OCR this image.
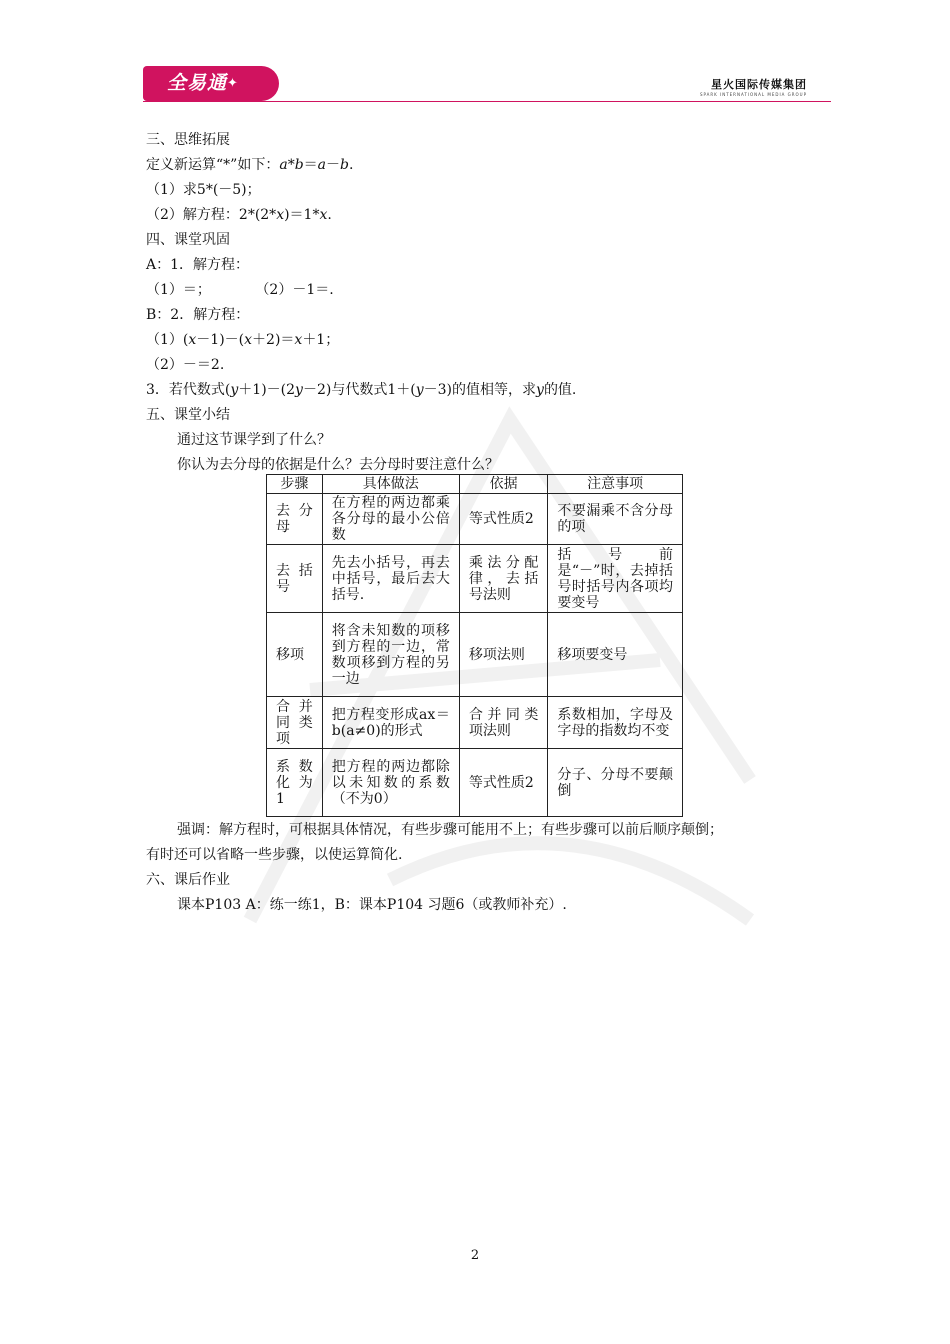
全易通✦	星火国际传媒集团
SPARK INTERNATIONAL MEDIA GROUP
三、思维拓展
定义新运算“*”如下：a*b＝a－b.
（1）求5*(－5)；
（2）解方程：2*(2*x)＝1*x.
四、课堂巩固
A：1．解方程：
（1）＝；          （2）－1＝.
B：2．解方程：
（1）(x－1)－(x＋2)＝x＋1；
（2）－＝2.
3．若代数式(y＋1)－(2y－2)与代数式1＋(y－3)的值相等，求y的值.
五、课堂小结
通过这节课学到了什么？
你认为去分母的依据是什么？去分母时要注意什么？
步骤	具体做法	依据	注意事项
去 分母	在方程的两边都乘各分母的最小公倍数	等式性质2	不要漏乘不含分母的项
去 括号	先去小括号，再去中括号，最后去大括号.	乘法分配律，去括号法则	括 号 前 是“－”时，去掉括号时括号内各项均要变号
移项	将含未知数的项移到方程的一边，常数项移到方程的另一边	移项法则	移项要变号
合 并同 类项	把方程变形成ax＝b(a≠0)的形式	合并同类项法则	系数相加，字母及字母的指数均不变
系 数化为1	把方程的两边都除以未知数的系数（不为0）	等式性质2	分子、分母不要颠倒
强调：解方程时，可根据具体情况，有些步骤可能用不上；有些步骤可以前后顺序颠倒；
有时还可以省略一些步骤，以使运算简化.
六、课后作业
课本P103 A：练一练1，B：课本P104 习题6（或教师补充）.
2
